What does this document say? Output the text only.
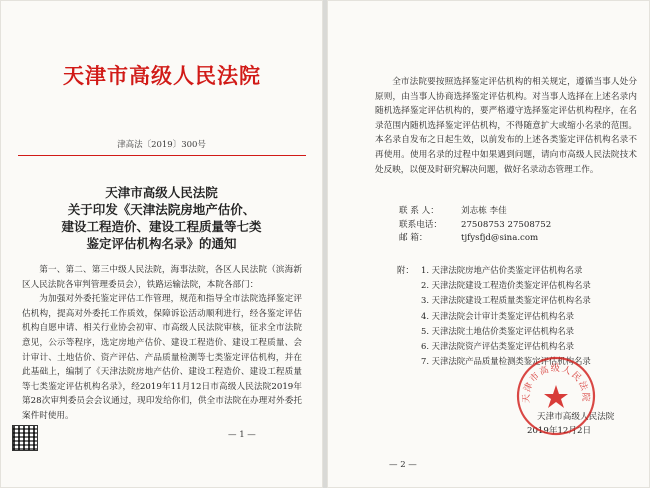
天津市高级人民法院
津高法〔2019〕300号
天津市高级人民法院
关于印发《天津法院房地产估价、
建设工程造价、建设工程质量等七类
鉴定评估机构名录》的通知

第一、第二、第三中级人民法院，海事法院，各区人民法院（滨海新区人民法院各审判管理委员会），铁路运输法院，本院各部门：

为加强对外委托鉴定评估工作管理，规范和指导全市法院选择鉴定评估机构，提高对外委托工作质效，保障诉讼活动顺利进行，经各鉴定评估机构自愿申请、相关行业协会初审、市高级人民法院审核，征求全市法院意见，公示等程序，选定房地产估价、建设工程造价、建设工程质量、会计审计、土地估价、资产评估、产品质量检测等七类鉴定评估机构，并在此基础上，编制了《天津法院房地产估价、建设工程造价、建设工程质量等七类鉴定评估机构名录》，经2019年11月12日市高级人民法院2019年第28次审判委员会会议通过，现印发给你们，供全市法院在办理对外委托案件时使用。

— 1 —
全市法院要按照选择鉴定评估机构的相关规定，遵循当事人处分原则，由当事人协商选择鉴定评估机构。对当事人选择在上述名录内随机选择鉴定评估机构的，要严格遵守选择鉴定评估机构程序，在名录范围内随机选择鉴定评估机构，不得随意扩大或缩小名录的范围。本名录自发布之日起生效，以前发布的上述各类鉴定评估机构名录不再使用。使用名录的过程中如果遇到问题，请向市高级人民法院技术处反映，以便及时研究解决问题，做好名录动态管理工作。
联 系 人：	刘志栋 李佳
联系电话： 27508753 27508752
邮 箱：	tjfysfjd@sina.com
附： 1. 天津法院房地产估价类鉴定评估机构名录
2. 天津法院建设工程造价类鉴定评估机构名录
3. 天津法院建设工程质量类鉴定评估机构名录
4. 天津法院会计审计类鉴定评估机构名录
5. 天津法院土地估价类鉴定评估机构名录
6. 天津法院资产评估类鉴定评估机构名录
7. 天津法院产品质量检测类鉴定评估机构名录
天津市高级人民法院
2019年12月2日
天津市高级人民法院
— 2 —
